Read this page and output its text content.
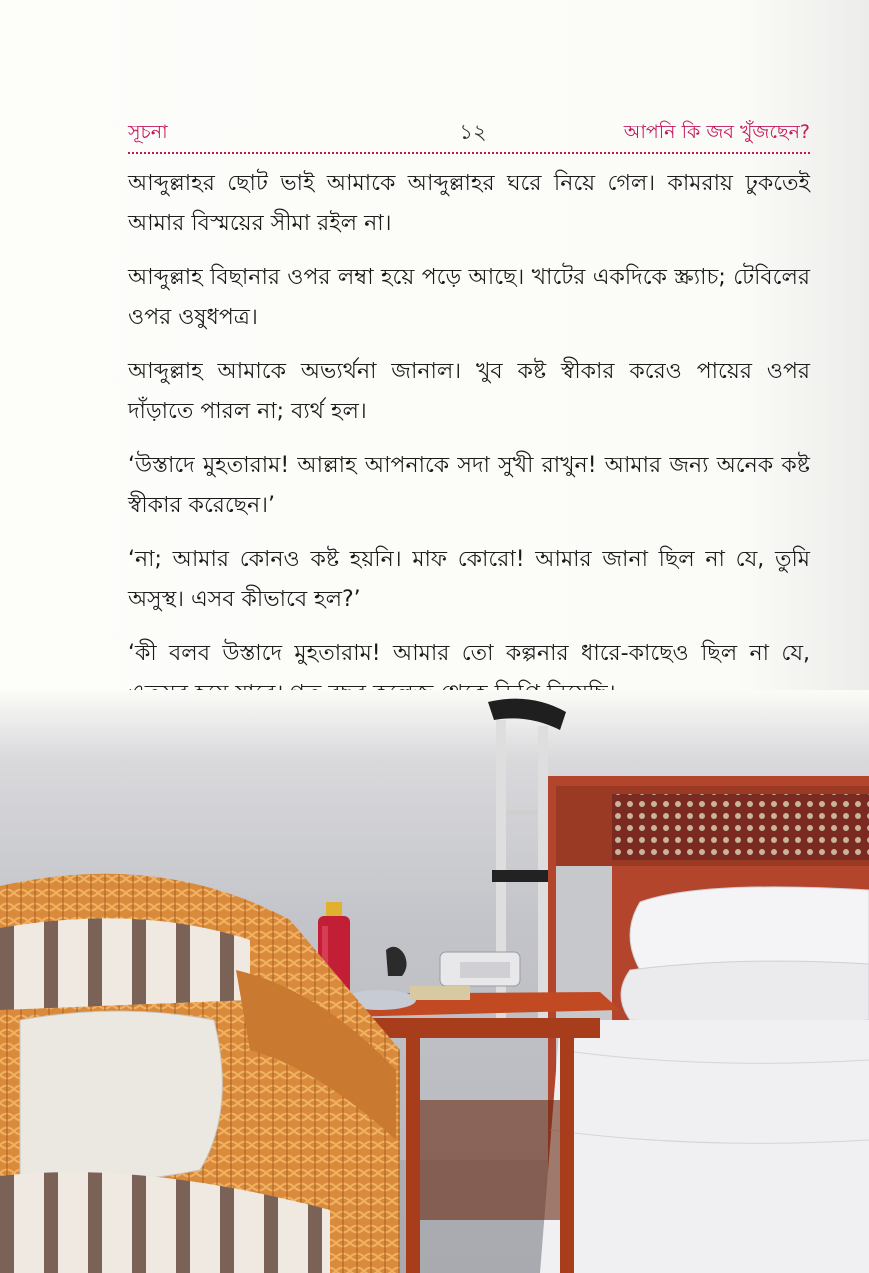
সূচনা	১২	আপনি কি জব খুঁজছেন?

আব্দুল্লাহর ছোট ভাই আমাকে আব্দুল্লাহর ঘরে নিয়ে গেল। কামরায় ঢুকতেই আমার বিস্ময়ের সীমা রইল না।

আব্দুল্লাহ বিছানার ওপর লম্বা হয়ে পড়ে আছে। খাটের একদিকে স্ক্র্যাচ; টেবিলের ওপর ওষুধপত্র।

আব্দুল্লাহ আমাকে অভ্যর্থনা জানাল। খুব কষ্ট স্বীকার করেও পায়ের ওপর দাঁড়াতে পারল না; ব্যর্থ হল।

‘উস্তাদে মুহতারাম! আল্লাহ আপনাকে সদা সুখী রাখুন! আমার জন্য অনেক কষ্ট স্বীকার করেছেন।’

‘না; আমার কোনও কষ্ট হয়নি। মাফ কোরো! আমার জানা ছিল না যে, তুমি অসুস্থ। এসব কীভাবে হল?’

‘কী বলব উস্তাদে মুহতারাম! আমার তো কল্পনার ধারে-কাছেও ছিল না যে,
